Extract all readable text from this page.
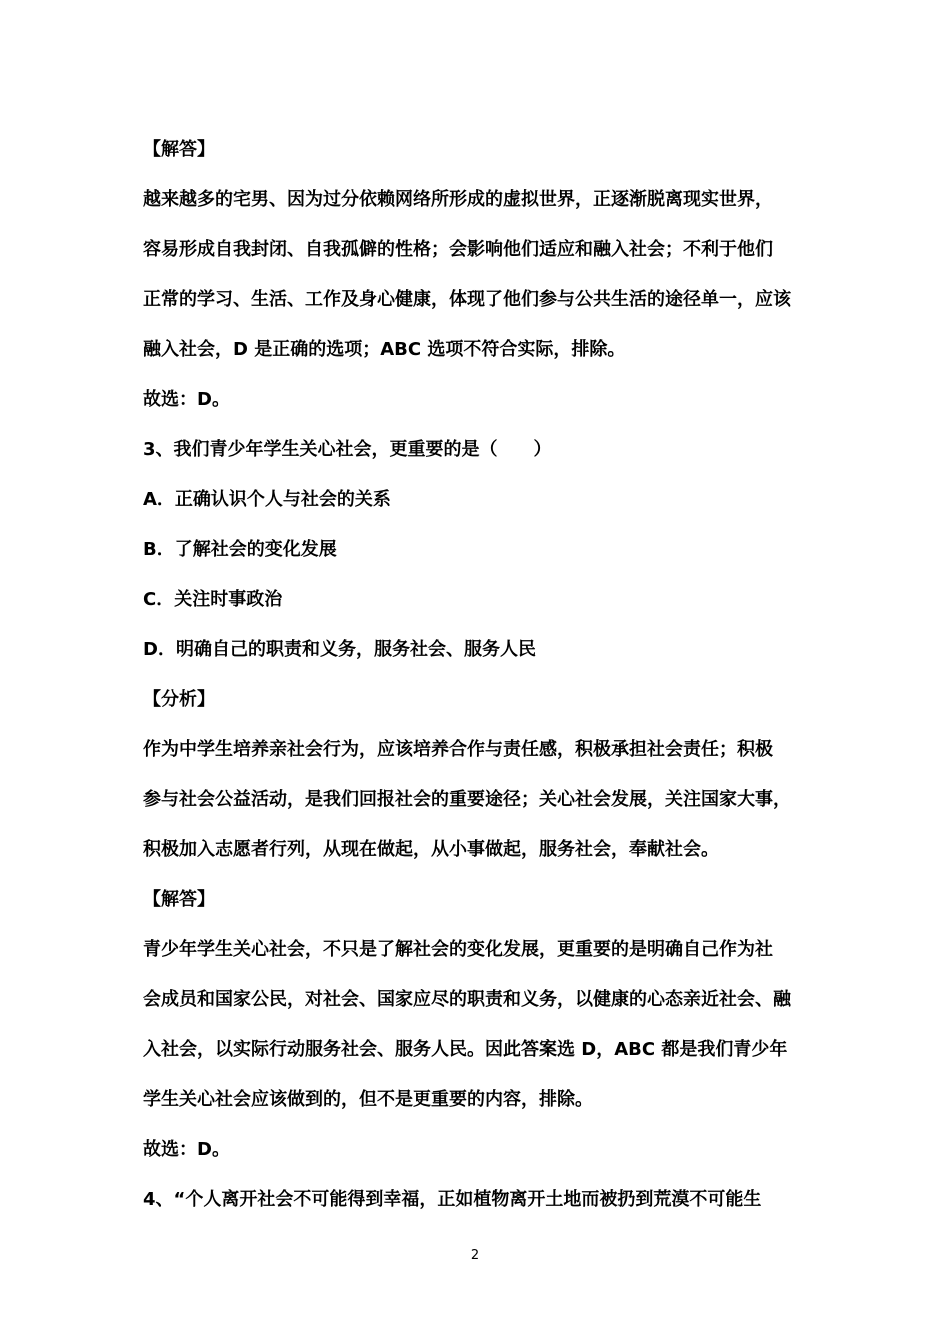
【解答】
越来越多的宅男、因为过分依赖网络所形成的虚拟世界，正逐渐脱离现实世界，
容易形成自我封闭、自我孤僻的性格；会影响他们适应和融入社会；不利于他们
正常的学习、生活、工作及身心健康，体现了他们参与公共生活的途径单一，应该
融入社会，D 是正确的选项；ABC 选项不符合实际，排除。
故选：D。
3、我们青少年学生关心社会，更重要的是（　　）
A．正确认识个人与社会的关系
B．了解社会的变化发展
C．关注时事政治
D．明确自己的职责和义务，服务社会、服务人民
【分析】
作为中学生培养亲社会行为，应该培养合作与责任感，积极承担社会责任；积极
参与社会公益活动，是我们回报社会的重要途径；关心社会发展，关注国家大事，
积极加入志愿者行列，从现在做起，从小事做起，服务社会，奉献社会。
【解答】
青少年学生关心社会，不只是了解社会的变化发展，更重要的是明确自己作为社
会成员和国家公民，对社会、国家应尽的职责和义务，以健康的心态亲近社会、融
入社会，以实际行动服务社会、服务人民。因此答案选 D，ABC 都是我们青少年
学生关心社会应该做到的，但不是更重要的内容，排除。
故选：D。
4、“个人离开社会不可能得到幸福，正如植物离开土地而被扔到荒漠不可能生
2
